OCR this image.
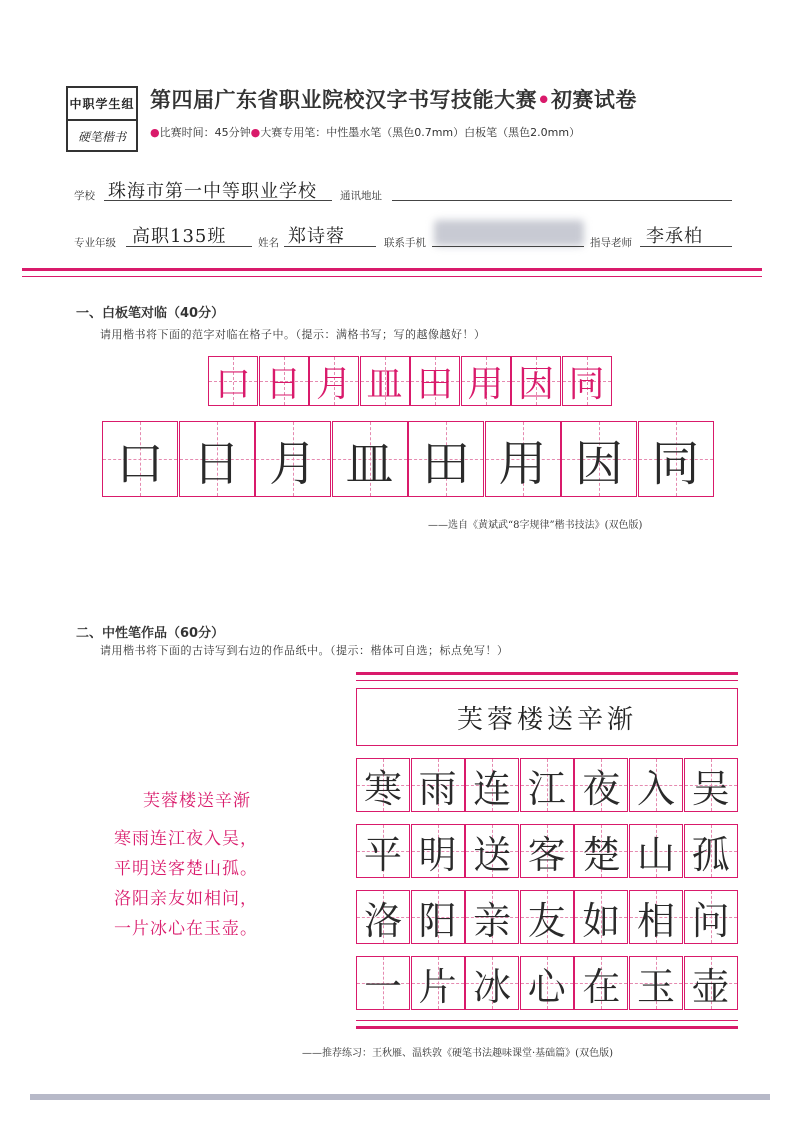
中职学生组
硬笔楷书
第四届广东省职业院校汉字书写技能大赛•初赛试卷
●比赛时间：45分钟●大赛专用笔：中性墨水笔（黑色0.7mm）白板笔（黑色2.0mm）
学校 珠海市第一中等职业学校 通讯地址
专业年级 高职135班	姓名 郑诗蓉	联系手机	指导老师 李承柏
一、白板笔对临（40分）
请用楷书将下面的范字对临在格子中。（提示：满格书写；写的越像越好！）
——选自《黄斌武“8字规律”楷书技法》(双色版)
二、中性笔作品（60分）
请用楷书将下面的古诗写到右边的作品纸中。（提示：楷体可自选；标点免写！）
芙蓉楼送辛渐
寒雨连江夜入吴，
平明送客楚山孤。
洛阳亲友如相问，
一片冰心在玉壶。
芙蓉楼送辛渐
——推荐练习：王秋雁、温轶敦《硬笔书法趣味课堂·基础篇》(双色版)
口 日 月 皿 田 用 因 同
口 日 月 皿 田 用 因 同
寒 雨 连 江 夜 入 吴
平 明 送 客 楚 山 孤
洛 阳 亲 友 如 相 问
一 片 冰 心 在 玉 壶
